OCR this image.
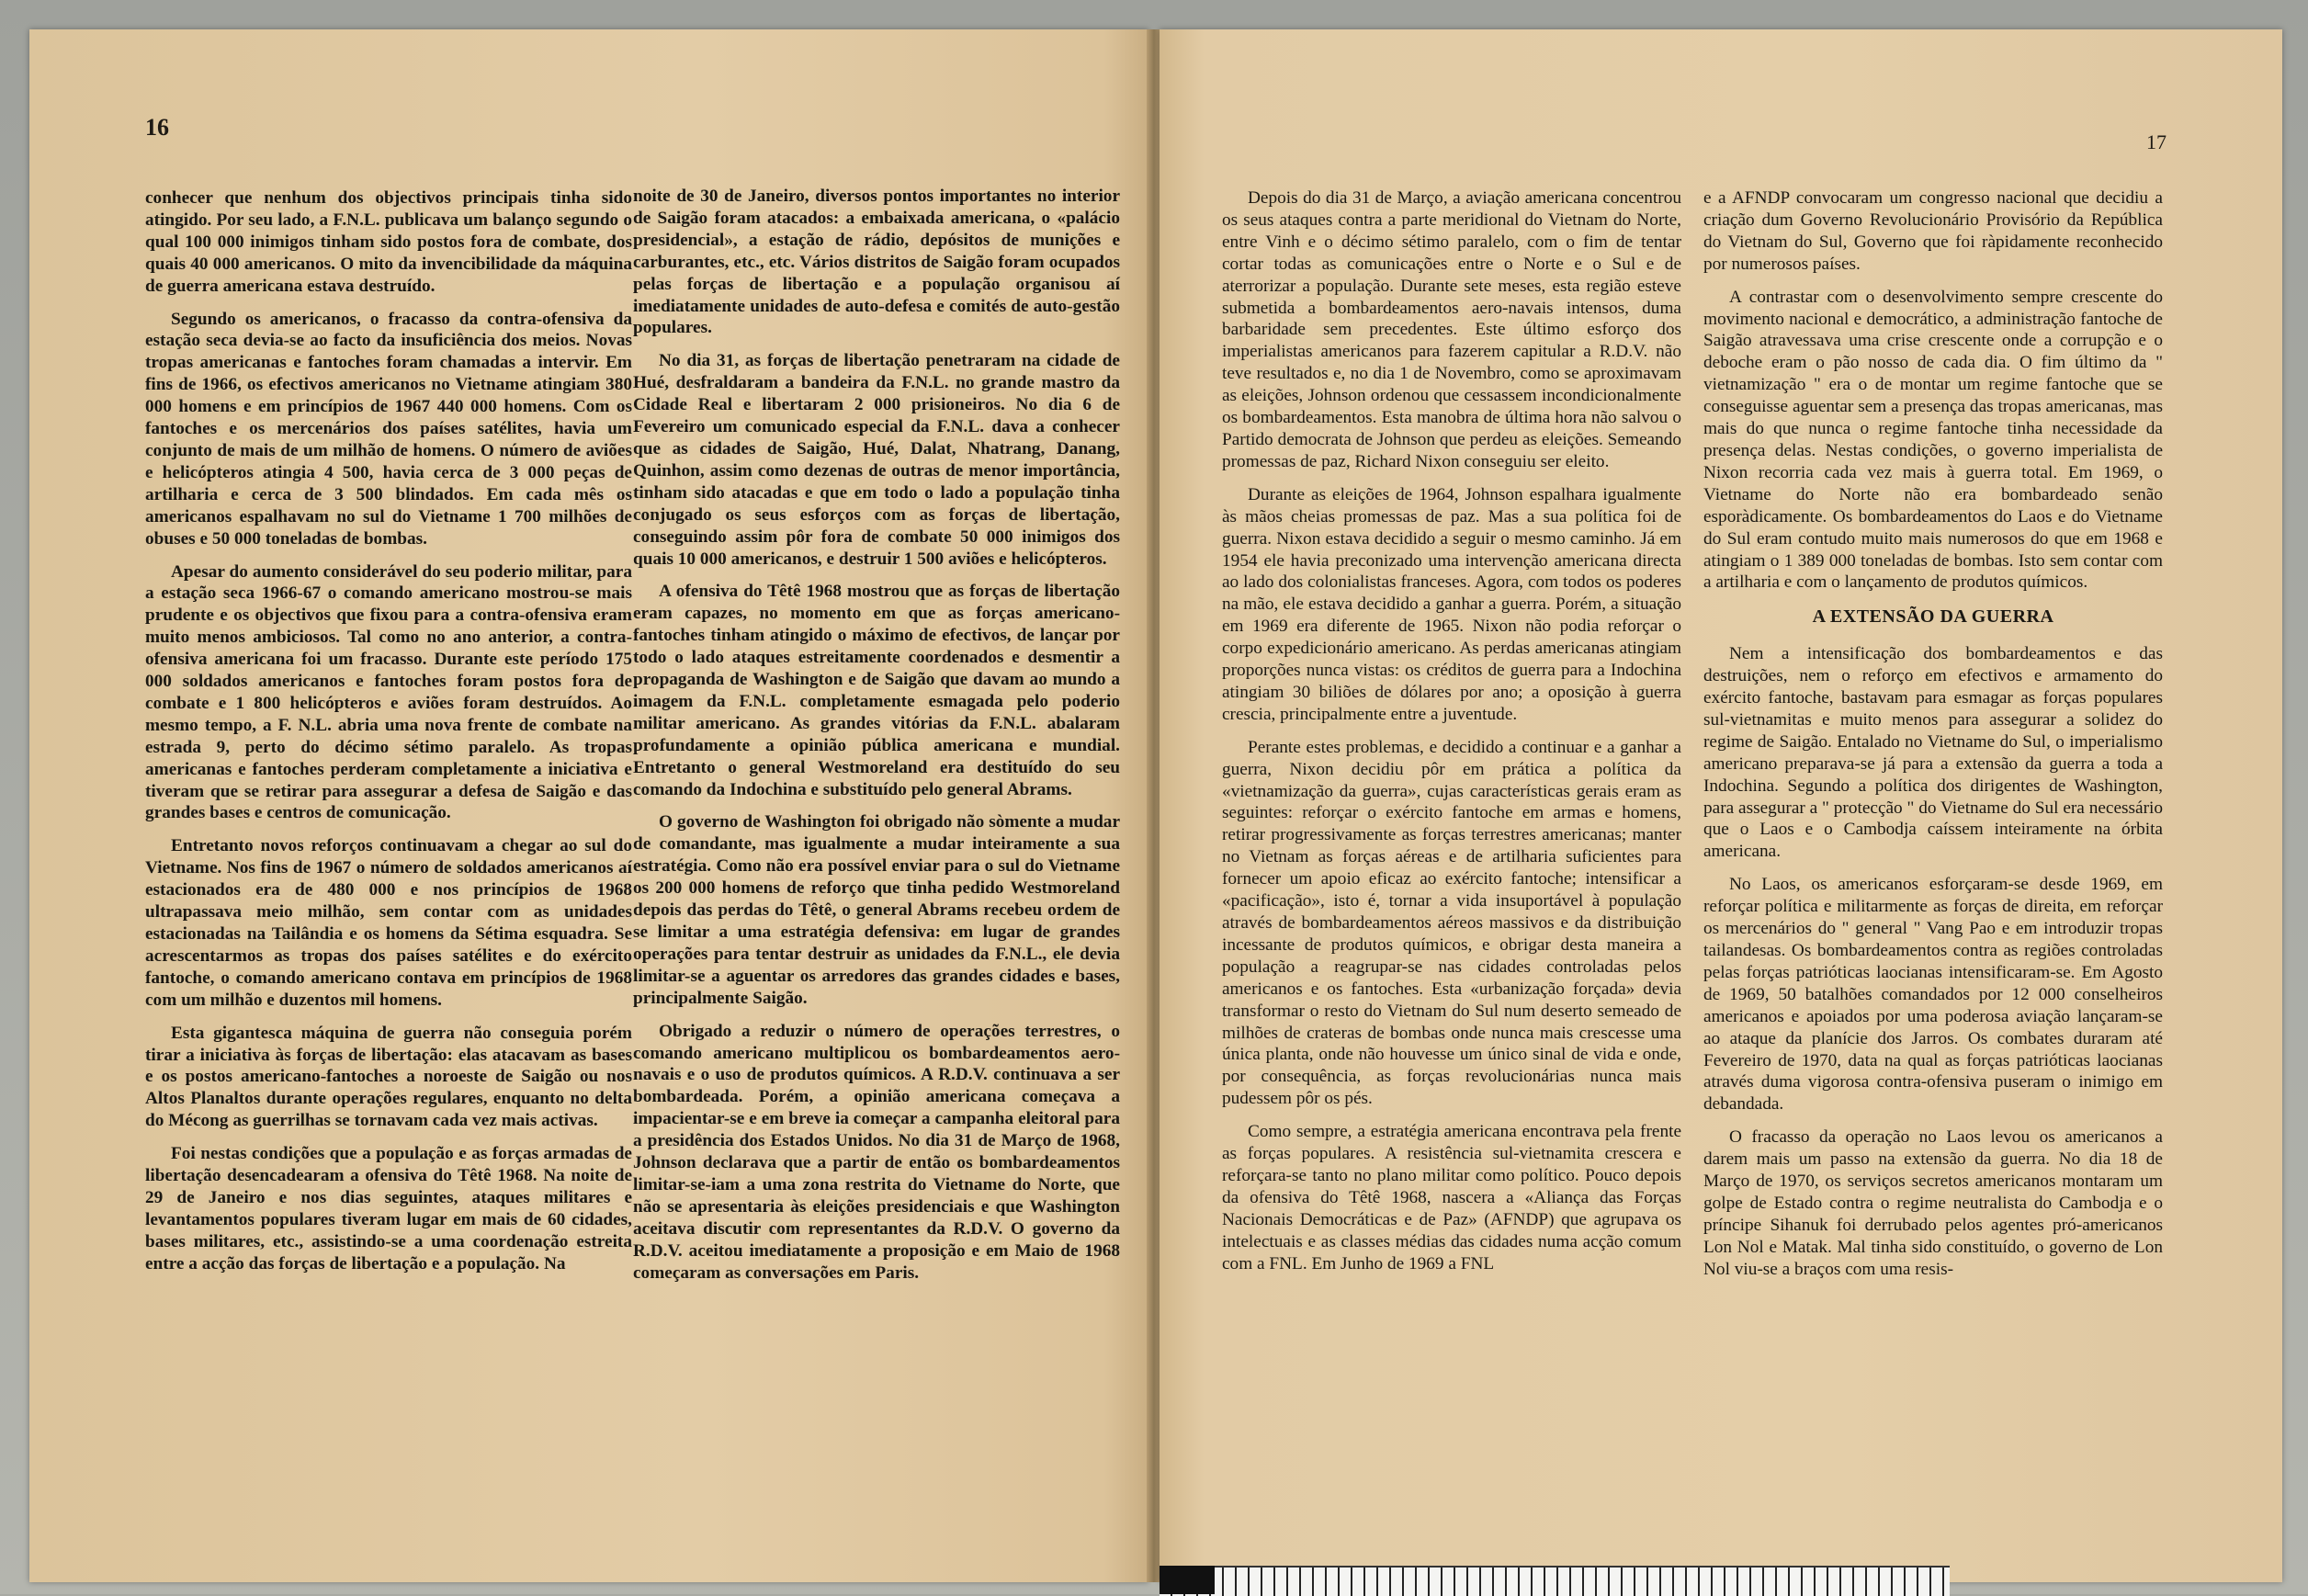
16

conhecer que nenhum dos objectivos principais tinha sido atingido. Por seu lado, a F.N.L. publicava um balanço segundo o qual 100 000 inimigos tinham sido postos fora de combate, dos quais 40 000 americanos. O mito da invencibilidade da máquina de guerra americana estava destruído.

Segundo os americanos, o fracasso da contra-ofensiva da estação seca devia-se ao facto da insuficiência dos meios. Novas tropas americanas e fantoches foram chamadas a intervir. Em fins de 1966, os efectivos americanos no Vietname atingiam 380 000 homens e em princípios de 1967 440 000 homens. Com os fantoches e os mercenários dos países satélites, havia um conjunto de mais de um milhão de homens. O número de aviões e helicópteros atingia 4 500, havia cerca de 3 000 peças de artilharia e cerca de 3 500 blindados. Em cada mês os americanos espalhavam no sul do Vietname 1 700 milhões de obuses e 50 000 toneladas de bombas.

Apesar do aumento considerável do seu poderio militar, para a estação seca 1966-67 o comando americano mostrou-se mais prudente e os objectivos que fixou para a contra-ofensiva eram muito menos ambiciosos. Tal como no ano anterior, a contra-ofensiva americana foi um fracasso. Durante este período 175 000 soldados americanos e fantoches foram postos fora de combate e 1 800 helicópteros e aviões foram destruídos. Ao mesmo tempo, a F. N.L. abria uma nova frente de combate na estrada 9, perto do décimo sétimo paralelo. As tropas americanas e fantoches perderam completamente a iniciativa e tiveram que se retirar para assegurar a defesa de Saigão e das grandes bases e centros de comunicação.

Entretanto novos reforços continuavam a chegar ao sul do Vietname. Nos fins de 1967 o número de soldados americanos aí estacionados era de 480 000 e nos princípios de 1968 ultrapassava meio milhão, sem contar com as unidades estacionadas na Tailândia e os homens da Sétima esquadra. Se acrescentarmos as tropas dos países satélites e do exército fantoche, o comando americano contava em princípios de 1968 com um milhão e duzentos mil homens.

Esta gigantesca máquina de guerra não conseguia porém tirar a iniciativa às forças de libertação: elas atacavam as bases e os postos americano-fantoches a noroeste de Saigão ou nos Altos Planaltos durante operações regulares, enquanto no delta do Mécong as guerrilhas se tornavam cada vez mais activas.

Foi nestas condições que a população e as forças armadas de libertação desencadearam a ofensiva do Têtê 1968. Na noite de 29 de Janeiro e nos dias seguintes, ataques militares e levantamentos populares tiveram lugar em mais de 60 cidades, bases militares, etc., assistindo-se a uma coordenação estreita entre a acção das forças de libertação e a população. Na

noite de 30 de Janeiro, diversos pontos importantes no interior de Saigão foram atacados: a embaixada americana, o «palácio presidencial», a estação de rádio, depósitos de munições e carburantes, etc., etc. Vários distritos de Saigão foram ocupados pelas forças de libertação e a população organisou aí imediatamente unidades de auto-defesa e comités de auto-gestão populares.

No dia 31, as forças de libertação penetraram na cidade de Hué, desfraldaram a bandeira da F.N.L. no grande mastro da Cidade Real e libertaram 2 000 prisioneiros. No dia 6 de Fevereiro um comunicado especial da F.N.L. dava a conhecer que as cidades de Saigão, Hué, Dalat, Nhatrang, Danang, Quinhon, assim como dezenas de outras de menor importância, tinham sido atacadas e que em todo o lado a população tinha conjugado os seus esforços com as forças de libertação, conseguindo assim pôr fora de combate 50 000 inimigos dos quais 10 000 americanos, e destruir 1 500 aviões e helicópteros.

A ofensiva do Têtê 1968 mostrou que as forças de libertação eram capazes, no momento em que as forças americano-fantoches tinham atingido o máximo de efectivos, de lançar por todo o lado ataques estreitamente coordenados e desmentir a propaganda de Washington e de Saigão que davam ao mundo a imagem da F.N.L. completamente esmagada pelo poderio militar americano. As grandes vitórias da F.N.L. abalaram profundamente a opinião pública americana e mundial. Entretanto o general Westmoreland era destituído do seu comando da Indochina e substituído pelo general Abrams.

O governo de Washington foi obrigado não sòmente a mudar de comandante, mas igualmente a mudar inteiramente a sua estratégia. Como não era possível enviar para o sul do Vietname os 200 000 homens de reforço que tinha pedido Westmoreland depois das perdas do Têtê, o general Abrams recebeu ordem de se limitar a uma estratégia defensiva: em lugar de grandes operações para tentar destruir as unidades da F.N.L., ele devia limitar-se a aguentar os arredores das grandes cidades e bases, principalmente Saigão.

Obrigado a reduzir o número de operações terrestres, o comando americano multiplicou os bombardeamentos aero-navais e o uso de produtos químicos. A R.D.V. continuava a ser bombardeada. Porém, a opinião americana começava a impacientar-se e em breve ia começar a campanha eleitoral para a presidência dos Estados Unidos. No dia 31 de Março de 1968, Johnson declarava que a partir de então os bombardeamentos limitar-se-iam a uma zona restrita do Vietname do Norte, que não se apresentaria às eleições presidenciais e que Washington aceitava discutir com representantes da R.D.V. O governo da R.D.V. aceitou imediatamente a proposição e em Maio de 1968 começaram as conversações em Paris.

17

Depois do dia 31 de Março, a aviação americana concentrou os seus ataques contra a parte meridional do Vietnam do Norte, entre Vinh e o décimo sétimo paralelo, com o fim de tentar cortar todas as comunicações entre o Norte e o Sul e de aterrorizar a população. Durante sete meses, esta região esteve submetida a bombardeamentos aero-navais intensos, duma barbaridade sem precedentes. Este último esforço dos imperialistas americanos para fazerem capitular a R.D.V. não teve resultados e, no dia 1 de Novembro, como se aproximavam as eleições, Johnson ordenou que cessassem incondicionalmente os bombardeamentos. Esta manobra de última hora não salvou o Partido democrata de Johnson que perdeu as eleições. Semeando promessas de paz, Richard Nixon conseguiu ser eleito.

Durante as eleições de 1964, Johnson espalhara igualmente às mãos cheias promessas de paz. Mas a sua política foi de guerra. Nixon estava decidido a seguir o mesmo caminho. Já em 1954 ele havia preconizado uma intervenção americana directa ao lado dos colonialistas franceses. Agora, com todos os poderes na mão, ele estava decidido a ganhar a guerra. Porém, a situação em 1969 era diferente de 1965. Nixon não podia reforçar o corpo expedicionário americano. As perdas americanas atingiam proporções nunca vistas: os créditos de guerra para a Indochina atingiam 30 biliões de dólares por ano; a oposição à guerra crescia, principalmente entre a juventude.

Perante estes problemas, e decidido a continuar e a ganhar a guerra, Nixon decidiu pôr em prática a política da «vietnamização da guerra», cujas características gerais eram as seguintes: reforçar o exército fantoche em armas e homens, retirar progressivamente as forças terrestres americanas; manter no Vietnam as forças aéreas e de artilharia suficientes para fornecer um apoio eficaz ao exército fantoche; intensificar a «pacificação», isto é, tornar a vida insuportável à população através de bombardeamentos aéreos massivos e da distribuição incessante de produtos químicos, e obrigar desta maneira a população a reagrupar-se nas cidades controladas pelos americanos e os fantoches. Esta «urbanização forçada» devia transformar o resto do Vietnam do Sul num deserto semeado de milhões de crateras de bombas onde nunca mais crescesse uma única planta, onde não houvesse um único sinal de vida e onde, por consequência, as forças revolucionárias nunca mais pudessem pôr os pés.

Como sempre, a estratégia americana encontrava pela frente as forças populares. A resistência sul-vietnamita crescera e reforçara-se tanto no plano militar como político. Pouco depois da ofensiva do Têtê 1968, nascera a «Aliança das Forças Nacionais Democráticas e de Paz» (AFNDP) que agrupava os intelectuais e as classes médias das cidades numa acção comum com a FNL. Em Junho de 1969 a FNL

e a AFNDP convocaram um congresso nacional que decidiu a criação dum Governo Revolucionário Provisório da República do Vietnam do Sul, Governo que foi ràpidamente reconhecido por numerosos países.

A contrastar com o desenvolvimento sempre crescente do movimento nacional e democrático, a administração fantoche de Saigão atravessava uma crise crescente onde a corrupção e o deboche eram o pão nosso de cada dia. O fim último da " vietnamização " era o de montar um regime fantoche que se conseguisse aguentar sem a presença das tropas americanas, mas mais do que nunca o regime fantoche tinha necessidade da presença delas. Nestas condições, o governo imperialista de Nixon recorria cada vez mais à guerra total. Em 1969, o Vietname do Norte não era bombardeado senão esporàdicamente. Os bombardeamentos do Laos e do Vietname do Sul eram contudo muito mais numerosos do que em 1968 e atingiam o 1 389 000 toneladas de bombas. Isto sem contar com a artilharia e com o lançamento de produtos químicos.

A EXTENSÃO DA GUERRA

Nem a intensificação dos bombardeamentos e das destruições, nem o reforço em efectivos e armamento do exército fantoche, bastavam para esmagar as forças populares sul-vietnamitas e muito menos para assegurar a solidez do regime de Saigão. Entalado no Vietname do Sul, o imperialismo americano preparava-se já para a extensão da guerra a toda a Indochina. Segundo a política dos dirigentes de Washington, para assegurar a " protecção " do Vietname do Sul era necessário que o Laos e o Cambodja caíssem inteiramente na órbita americana.

No Laos, os americanos esforçaram-se desde 1969, em reforçar política e militarmente as forças de direita, em reforçar os mercenários do " general " Vang Pao e em introduzir tropas tailandesas. Os bombardeamentos contra as regiões controladas pelas forças patrióticas laocianas intensificaram-se. Em Agosto de 1969, 50 batalhões comandados por 12 000 conselheiros americanos e apoiados por uma poderosa aviação lançaram-se ao ataque da planície dos Jarros. Os combates duraram até Fevereiro de 1970, data na qual as forças patrióticas laocianas através duma vigorosa contra-ofensiva puseram o inimigo em debandada.

O fracasso da operação no Laos levou os americanos a darem mais um passo na extensão da guerra. No dia 18 de Março de 1970, os serviços secretos americanos montaram um golpe de Estado contra o regime neutralista do Cambodja e o príncipe Sihanuk foi derrubado pelos agentes pró-americanos Lon Nol e Matak. Mal tinha sido constituído, o governo de Lon Nol viu-se a braços com uma resis-
